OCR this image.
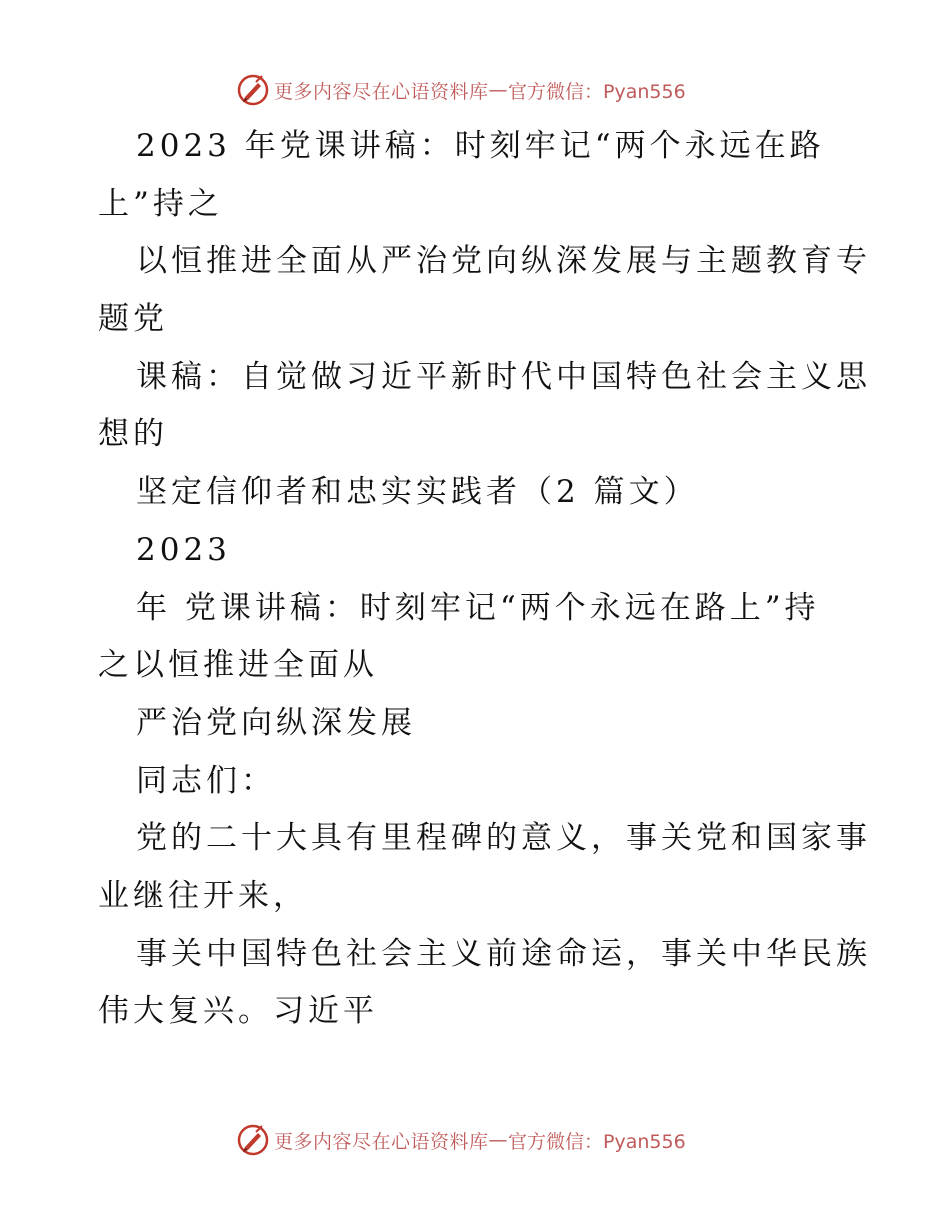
更多内容尽在心语资料库 — 官方微信：Pyan556
2023 年党课讲稿：时刻牢记“两个永远在路
上”持之
以恒推进全面从严治党向纵深发展与主题教育专
题党
课稿：自觉做习近平新时代中国特色社会主义思
想的
坚定信仰者和忠实实践者（2 篇文）
2023
年 党课讲稿：时刻牢记“两个永远在路上”持
之以恒推进全面从
严治党向纵深发展
同志们：
党的二十大具有里程碑的意义，事关党和国家事
业继往开来，
事关中国特色社会主义前途命运，事关中华民族
伟大复兴。习近平
更多内容尽在心语资料库 — 官方微信：Pyan556
